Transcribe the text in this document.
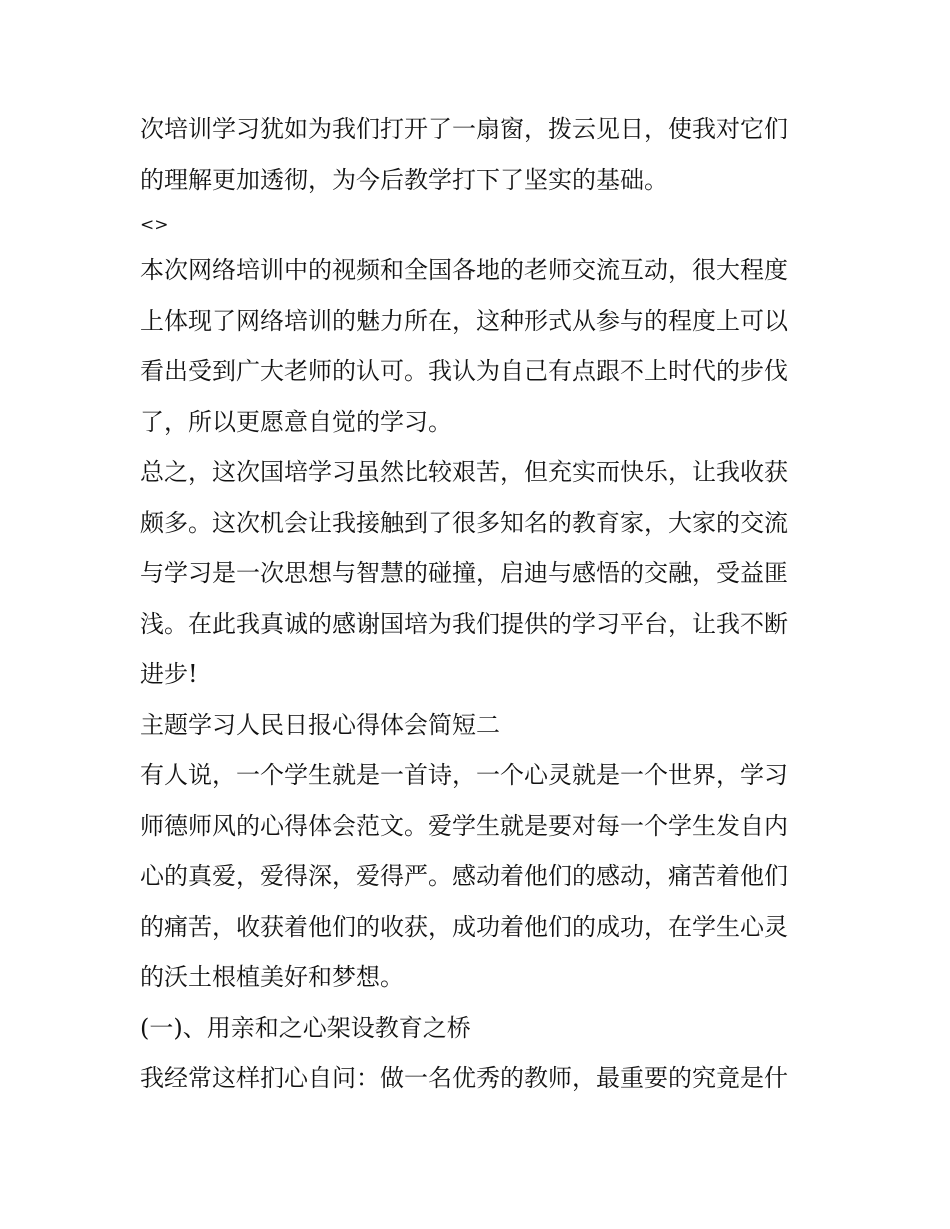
次培训学习犹如为我们打开了一扇窗，拨云见日，使我对它们
的理解更加透彻，为今后教学打下了坚实的基础。
<>
本次网络培训中的视频和全国各地的老师交流互动，很大程度
上体现了网络培训的魅力所在，这种形式从参与的程度上可以
看出受到广大老师的认可。我认为自己有点跟不上时代的步伐
了，所以更愿意自觉的学习。
总之，这次国培学习虽然比较艰苦，但充实而快乐，让我收获
颇多。这次机会让我接触到了很多知名的教育家，大家的交流
与学习是一次思想与智慧的碰撞，启迪与感悟的交融，受益匪
浅。在此我真诚的感谢国培为我们提供的学习平台，让我不断
进步!
主题学习人民日报心得体会简短二
有人说，一个学生就是一首诗，一个心灵就是一个世界，学习
师德师风的心得体会范文。爱学生就是要对每一个学生发自内
心的真爱，爱得深，爱得严。感动着他们的感动，痛苦着他们
的痛苦，收获着他们的收获，成功着他们的成功，在学生心灵
的沃土根植美好和梦想。
(一)、用亲和之心架设教育之桥
我经常这样扪心自问：做一名优秀的教师，最重要的究竟是什
